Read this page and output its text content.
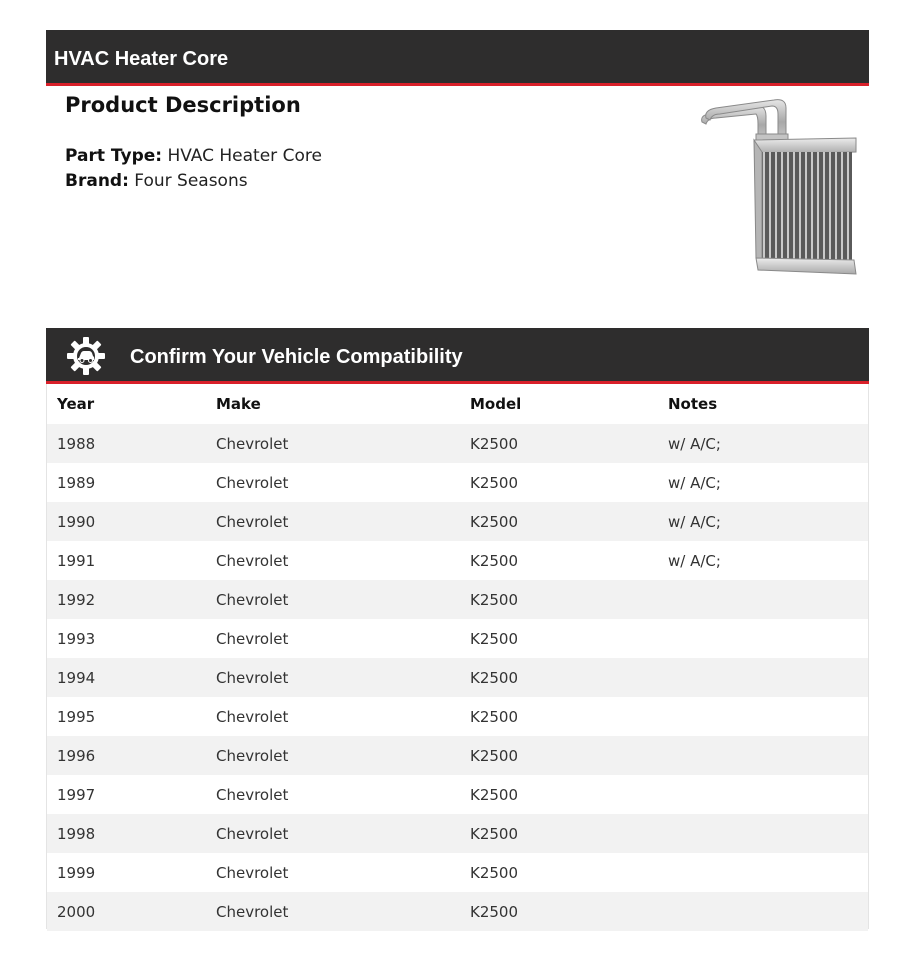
HVAC Heater Core
Product Description
Part Type: HVAC Heater Core
Brand: Four Seasons
Confirm Your Vehicle Compatibility
Year	Make	Model	Notes
1988	Chevrolet	K2500	w/ A/C;
1989	Chevrolet	K2500	w/ A/C;
1990	Chevrolet	K2500	w/ A/C;
1991	Chevrolet	K2500	w/ A/C;
1992	Chevrolet	K2500	
1993	Chevrolet	K2500	
1994	Chevrolet	K2500	
1995	Chevrolet	K2500	
1996	Chevrolet	K2500	
1997	Chevrolet	K2500	
1998	Chevrolet	K2500	
1999	Chevrolet	K2500	
2000	Chevrolet	K2500	
